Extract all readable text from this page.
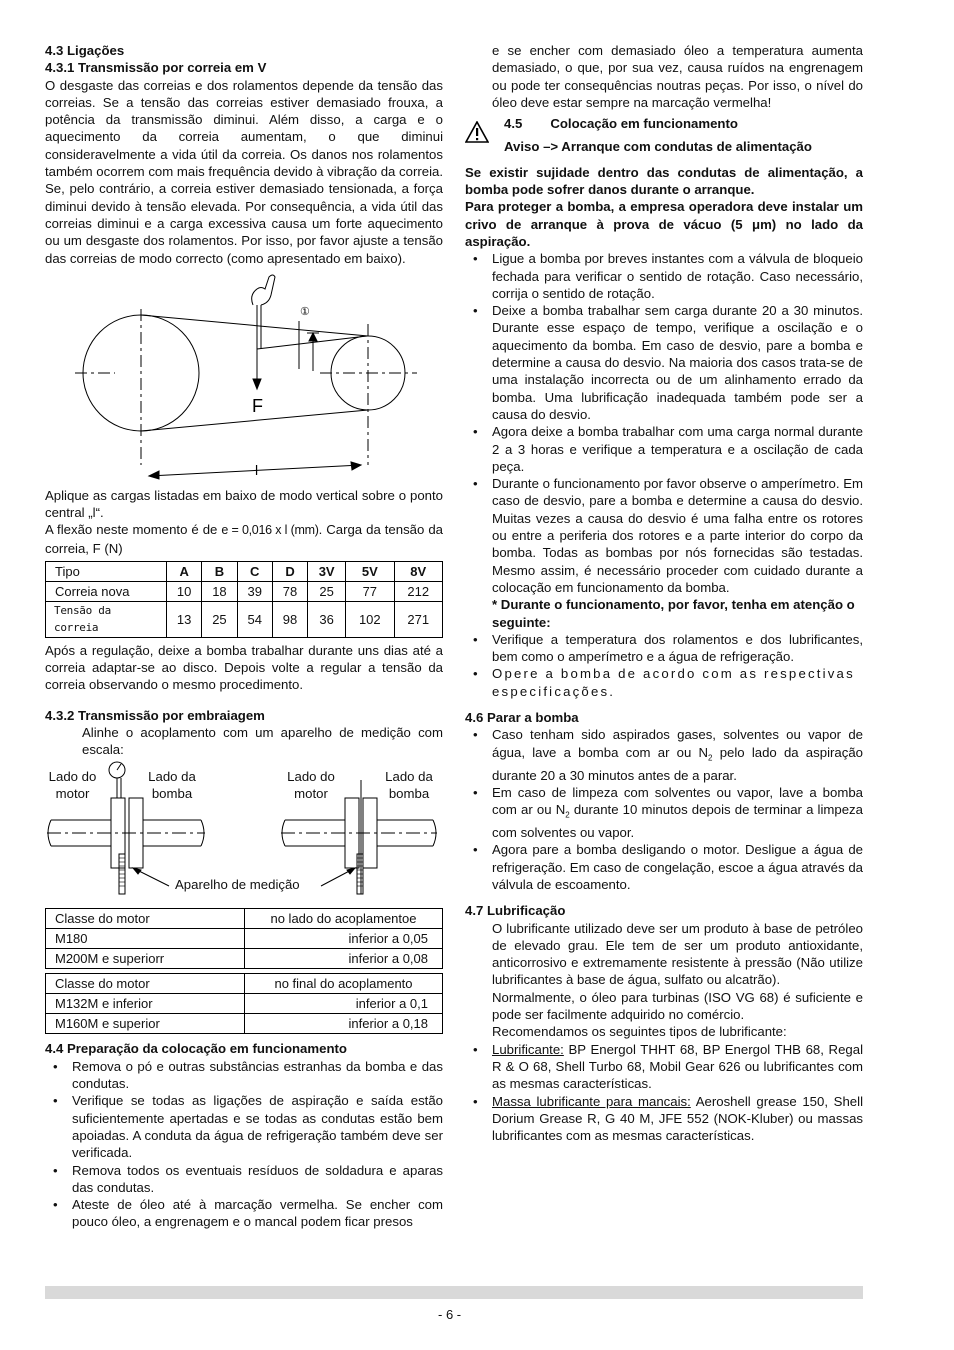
4.3 Ligações

4.3.1 Transmissão por correia em V

O desgaste das correias e dos rolamentos depende da tensão das correias. Se a tensão das correias estiver demasiado frouxa, a potência da transmissão diminui. Além disso, a carga e o aquecimento da correia aumentam, o que diminui consideravelmente a vida útil da correia. Os danos nos rolamentos também ocorrem com mais frequência devido à vibração da correia. Se, pelo contrário, a correia estiver demasiado tensionada, a força diminui devido à tensão elevada. Por consequência, a vida útil das correias diminui e a carga excessiva causa um forte aquecimento ou um desgaste dos rolamentos. Por isso, por favor ajuste a tensão das correias de modo correcto (como apresentado em baixo).

F
l
①

Aplique as cargas listadas em baixo de modo vertical sobre o ponto central „l“.

A flexão neste momento é de e = 0,016 x l (mm). Carga da tensão da correia, F (N)

Tipo	A	B	C	D	3V	5V	8V
Correia nova	10	18	39	78	25	77	212
Tensão da correia	13	25	54	98	36	102	271

Após a regulação, deixe a bomba trabalhar durante uns dias até a correia adaptar-se ao disco. Depois volte a regular a tensão da correia observando o mesmo procedimento.

4.3.2 Transmissão por embraiagem

Alinhe o acoplamento com um aparelho de medição com escala:

Lado do
motor
Lado da
bomba
Lado do
motor
Lado da
bomba
Aparelho de medição
Classe do motor	no lado do acoplamentoe
M180	inferior a 0,05
M200M e superiorr	inferior a 0,08
Classe do motor	no final do acoplamento
M132M e inferior	inferior a 0,1
M160M e superior	inferior a 0,18

4.4 Preparação da colocação em funcionamento

• Remova o pó e outras substâncias estranhas da bomba e das condutas.
• Verifique se todas as ligações de aspiração e saída estão suficientemente apertadas e se todas as condutas estão bem apoiadas. A conduta da água de refrigeração também deve ser verificada.
• Remova todos os eventuais resíduos de soldadura e aparas das condutas.
• Ateste de óleo até à marcação vermelha. Se encher com pouco óleo, a engrenagem e o mancal podem ficar presos

e se encher com demasiado óleo a temperatura aumenta demasiado, o que, por sua vez, causa ruídos na engrenagem ou pode ter consequências noutras peças. Por isso, o nível do óleo deve estar sempre na marcação vermelha!

4.5 Colocação em funcionamento

Aviso –> Arranque com condutas de alimentação

Se existir sujidade dentro das condutas de alimentação, a bomba pode sofrer danos durante o arranque.

Para proteger a bomba, a empresa operadora deve instalar um crivo de arranque à prova de vácuo (5 μm) no lado da aspiração.

• Ligue a bomba por breves instantes com a válvula de bloqueio fechada para verificar o sentido de rotação. Caso necessário, corrija o sentido de rotação.
• Deixe a bomba trabalhar sem carga durante 20 a 30 minutos. Durante esse espaço de tempo, verifique a oscilação e o aquecimento da bomba. Em caso de desvio, pare a bomba e determine a causa do desvio. Na maioria dos casos trata-se de uma instalação incorrecta ou de um alinhamento errado da bomba. Uma lubrificação inadequada também pode ser a causa do desvio.
• Agora deixe a bomba trabalhar com uma carga normal durante 2 a 3 horas e verifique a temperatura e a oscilação de cada peça.
• Durante o funcionamento por favor observe o amperímetro. Em caso de desvio, pare a bomba e determine a causa do desvio. Muitas vezes a causa do desvio é uma falha entre os rotores ou entre a periferia dos rotores e a parte interior do corpo da bomba. Todas as bombas por nós fornecidas são testadas. Mesmo assim, é necessário proceder com cuidado durante a colocação em funcionamento da bomba.

* Durante o funcionamento, por favor, tenha em atenção o seguinte:

• Verifique a temperatura dos rolamentos e dos lubrificantes, bem como o amperímetro e a água de refrigeração.
• Opere a bomba de acordo com as respectivas especificações.

4.6 Parar a bomba

• Caso tenham sido aspirados gases, solventes ou vapor de água, lave a bomba com ar ou $N_2$ pelo lado da aspiração durante 20 a 30 minutos antes de a parar.
• Em caso de limpeza com solventes ou vapor, lave a bomba com ar ou $N_2$ durante 10 minutos depois de terminar a limpeza com solventes ou vapor.
• Agora pare a bomba desligando o motor. Desligue a água de refrigeração. Em caso de congelação, escoe a água através da válvula de escoamento.

4.7 Lubrificação

O lubrificante utilizado deve ser um produto à base de petróleo de elevado grau. Ele tem de ser um produto antioxidante, anticorrosivo e extremamente resistente à pressão (Não utilize lubrificantes à base de água, sulfato ou alcatrão).

Normalmente, o óleo para turbinas (ISO VG 68) é suficiente e pode ser facilmente adquirido no comércio.

Recomendamos os seguintes tipos de lubrificante:

• Lubrificante: BP Energol THHT 68, BP Energol THB 68, Regal R & O 68, Shell Turbo 68, Mobil Gear 626 ou lubrificantes com as mesmas características.
• Massa lubrificante para mancais: Aeroshell grease 150, Shell Dorium Grease R, G 40 M, JFE 552 (NOK-Kluber) ou massas lubrificantes com as mesmas características.
- 6 -
